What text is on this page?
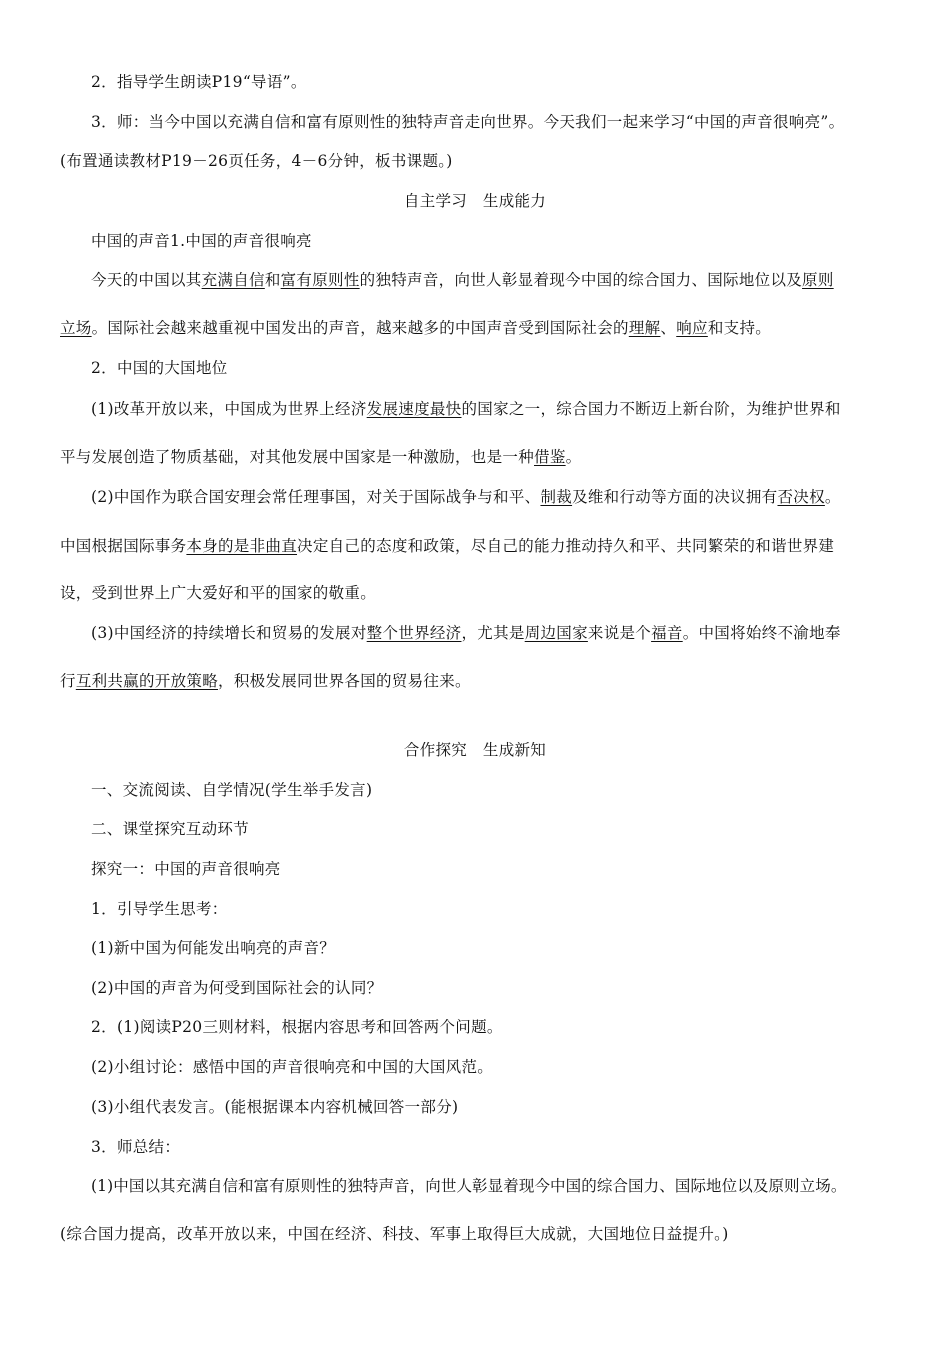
2．指导学生朗读P19“导语”。
3．师：当今中国以充满自信和富有原则性的独特声音走向世界。今天我们一起来学习“中国的声音很响亮”。
(布置通读教材P19－26页任务，4－6分钟，板书课题。)
自主学习　生成能力
中国的声音1.中国的声音很响亮
今天的中国以其充满自信和富有原则性的独特声音，向世人彰显着现今中国的综合国力、国际地位以及原则
立场。国际社会越来越重视中国发出的声音，越来越多的中国声音受到国际社会的理解、响应和支持。
2．中国的大国地位
(1)改革开放以来，中国成为世界上经济发展速度最快的国家之一，综合国力不断迈上新台阶，为维护世界和
平与发展创造了物质基础，对其他发展中国家是一种激励，也是一种借鉴。
(2)中国作为联合国安理会常任理事国，对关于国际战争与和平、制裁及维和行动等方面的决议拥有否决权。
中国根据国际事务本身的是非曲直决定自己的态度和政策，尽自己的能力推动持久和平、共同繁荣的和谐世界建
设，受到世界上广大爱好和平的国家的敬重。
(3)中国经济的持续增长和贸易的发展对整个世界经济，尤其是周边国家来说是个福音。中国将始终不渝地奉
行互利共赢的开放策略，积极发展同世界各国的贸易往来。
合作探究　生成新知
一、交流阅读、自学情况(学生举手发言)
二、课堂探究互动环节
探究一：中国的声音很响亮
1．引导学生思考：
(1)新中国为何能发出响亮的声音？
(2)中国的声音为何受到国际社会的认同？
2．(1)阅读P20三则材料，根据内容思考和回答两个问题。
(2)小组讨论：感悟中国的声音很响亮和中国的大国风范。
(3)小组代表发言。(能根据课本内容机械回答一部分)
3．师总结：
(1)中国以其充满自信和富有原则性的独特声音，向世人彰显着现今中国的综合国力、国际地位以及原则立场。
(综合国力提高，改革开放以来，中国在经济、科技、军事上取得巨大成就，大国地位日益提升。)
